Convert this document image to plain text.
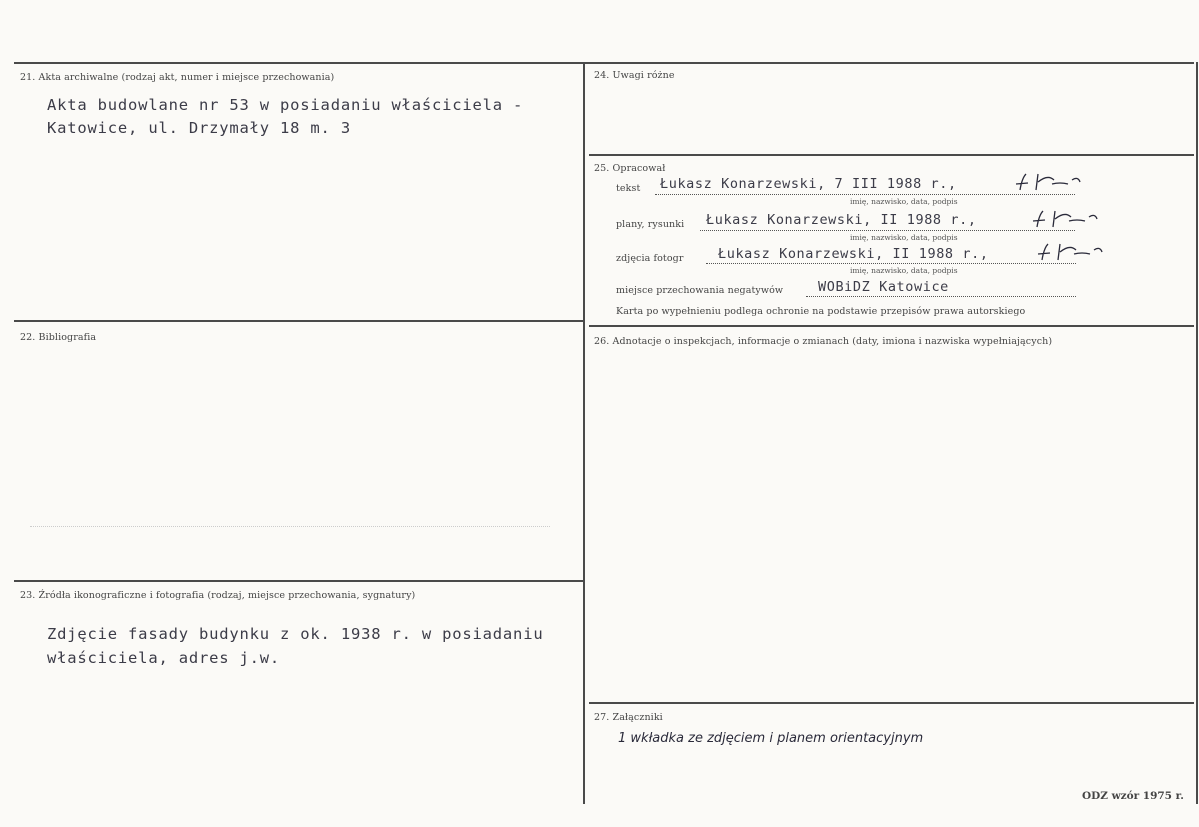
21. Akta archiwalne (rodzaj akt, numer i miejsce przechowania)
Akta budowlane nr 53 w posiadaniu właściciela -
Katowice, ul. Drzymały 18 m. 3
22. Bibliografia
23. Źródła ikonograficzne i fotografia (rodzaj, miejsce przechowania, sygnatury)
Zdjęcie fasady budynku z ok. 1938 r. w posiadaniu
właściciela, adres j.w.
24. Uwagi różne
25. Opracował
tekst Łukasz Konarzewski, 7 III 1988 r.,
imię, nazwisko, data, podpis
plany, rysunki Łukasz Konarzewski, II 1988 r.,
imię, nazwisko, data, podpis
zdjęcia fotogr	Łukasz Konarzewski, II 1988 r.,
imię, nazwisko, data, podpis
miejsce przechowania negatywów	WOBiDZ Katowice
Karta po wypełnieniu podlega ochronie na podstawie przepisów prawa autorskiego
26. Adnotacje o inspekcjach, informacje o zmianach (daty, imiona i nazwiska wypełniających)
27. Załączniki
1 wkładka ze zdjęciem i planem orientacyjnym
ODZ wzór 1975 r.
